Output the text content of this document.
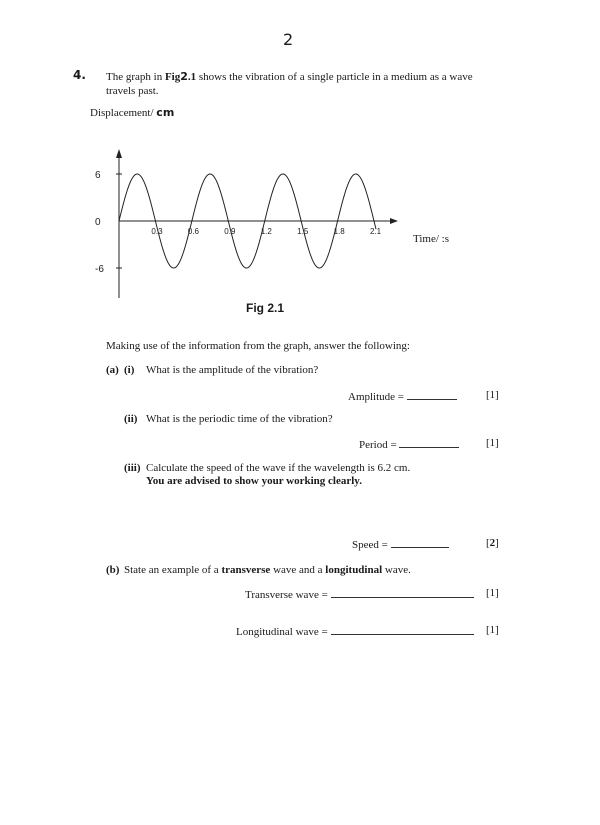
2
4. The graph in Fig2.1 shows the vibration of a single particle in a medium as a wave
travels past.
Displacement/ cm
6
0
-6
0.3	0.6	0.9	1.2	1.5	1.8	2.1
Time/ :s
Fig 2.1
Making use of the information from the graph, answer the following:
(a) (i) What is the amplitude of the vibration?
Amplitude =	[1]
(ii) What is the periodic time of the vibration?
Period =	[1]
(iii) Calculate the speed of the wave if the wavelength is 6.2 cm.
You are advised to show your working clearly.
Speed =	[2]
(b) State an example of a transverse wave and a longitudinal wave.
Transverse wave =	[1]
Longitudinal wave =	[1]
